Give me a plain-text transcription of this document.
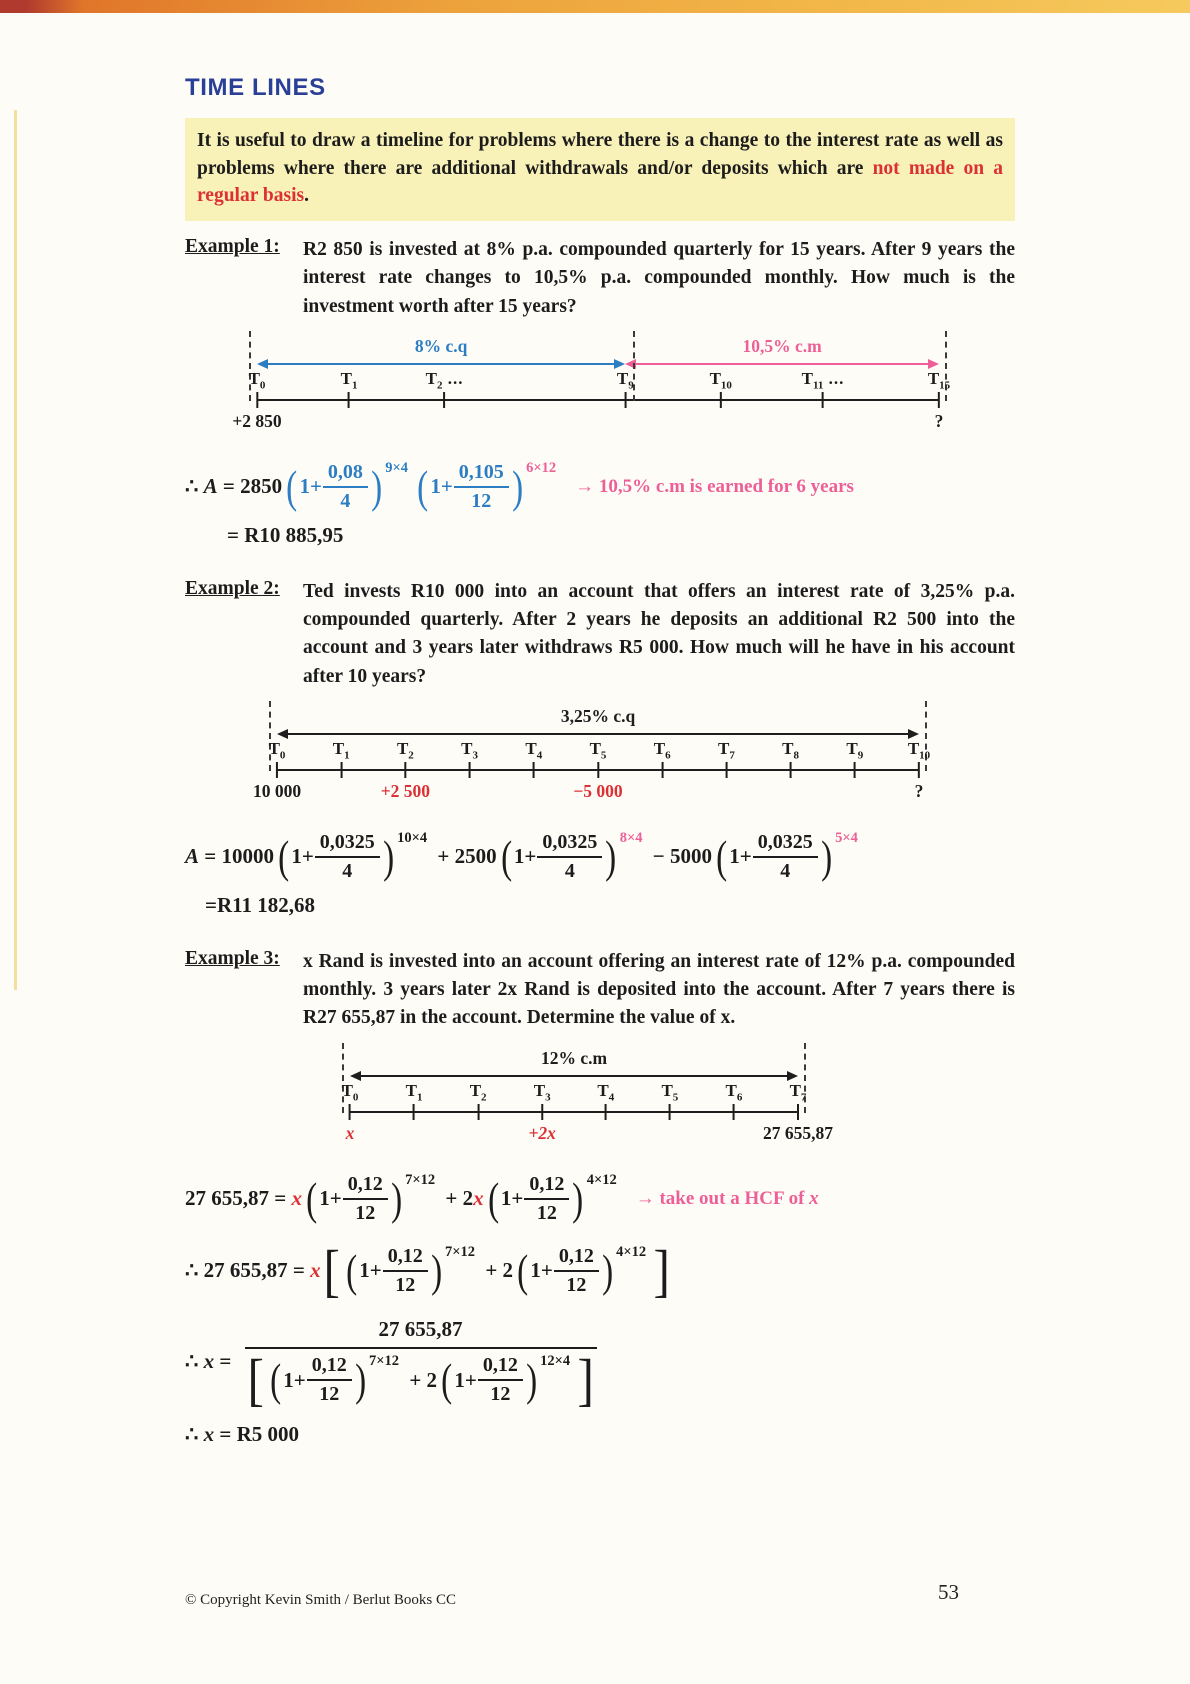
TIME LINES
It is useful to draw a timeline for problems where there is a change to the interest rate as well as problems where there are additional withdrawals and/or deposits which are not made on a regular basis.
Example 1:	R2 850 is invested at 8% p.a. compounded quarterly for 15 years. After 9 years the interest rate changes to 10,5% p.a. compounded monthly. How much is the investment worth after 15 years?
8% c.q	10,5% c.m
$T_0$
+2 850
$T_1$	$T_2$ ...	$T_9$	$T_{10}$	$T_{11}$ ...	$T_{15}$
?
∴ A = 2850 ( $1+ \frac{0,08}{4}$ ) 9×4 ( $1+ \frac{0,105}{12}$ ) 6×12
→ 10,5% c.m is earned for 6 years
= R10 885,95
Example 2:	Ted invests R10 000 into an account that offers an interest rate of 3,25% p.a. compounded quarterly. After 2 years he deposits an additional R2 500 into the account and 3 years later withdraws R5 000. How much will he have in his account after 10 years?
3,25% c.q
$T_0$
10 000
$T_1$	$T_2$
+2 500
$T_3$	$T_4$	$T_5$
−5 000
$T_6$	$T_7$	$T_8$	$T_9$	$T_{10}$
?
A = 10000 ( $1+ \frac{0,0325}{4}$ ) 10×4
+ 2500 ( $1+ \frac{0,0325}{4}$ ) 8×4
− 5000 ( $1+ \frac{0,0325}{4}$ ) 5×4
=R11 182,68
Example 3:	x Rand is invested into an account offering an interest rate of 12% p.a. compounded monthly. 3 years later 2x Rand is deposited into the account. After 7 years there is R27 655,87 in the account. Determine the value of x.
12% c.m
$T_0$
x
$T_1$	$T_2$	$T_3$
+2x
$T_4$	$T_5$	$T_6$	$T_7$
27 655,87
27 655,87 = x ( $1+ \frac{0,12}{12}$ ) 7×12
+ 2 x ( $1+ \frac{0,12}{12}$ ) 4×12
→ take out a HCF of x
∴ 27 655,87 = x [ ( $1+ \frac{0,12}{12}$ ) 7×12
+ 2 ( $1+ \frac{0,12}{12}$ ) 4×12 ]
∴ x =
27 655,87
[ ( $1+ \frac{0,12}{12}$ ) 7×12
+ 2 ( $1+ \frac{0,12}{12}$ ) 12×4 ]
∴ x = R5 000
© Copyright Kevin Smith / Berlut Books CC	53
